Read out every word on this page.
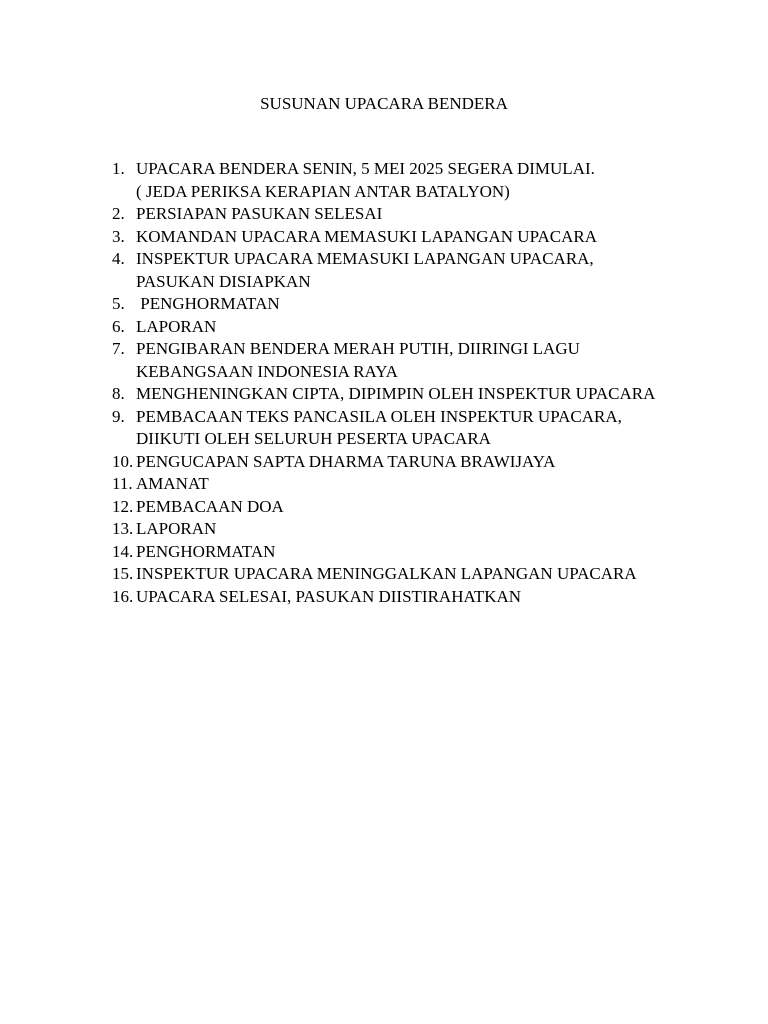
SUSUNAN UPACARA BENDERA
1. UPACARA BENDERA SENIN, 5 MEI 2025 SEGERA DIMULAI.
( JEDA PERIKSA KERAPIAN ANTAR BATALYON)
2. PERSIAPAN PASUKAN SELESAI
3. KOMANDAN UPACARA MEMASUKI LAPANGAN UPACARA
4. INSPEKTUR UPACARA MEMASUKI LAPANGAN UPACARA,
PASUKAN DISIAPKAN
5. PENGHORMATAN
6. LAPORAN
7. PENGIBARAN BENDERA MERAH PUTIH, DIIRINGI LAGU
KEBANGSAAN INDONESIA RAYA
8. MENGHENINGKAN CIPTA, DIPIMPIN OLEH INSPEKTUR UPACARA
9. PEMBACAAN TEKS PANCASILA OLEH INSPEKTUR UPACARA,
DIIKUTI OLEH SELURUH PESERTA UPACARA
10. PENGUCAPAN SAPTA DHARMA TARUNA BRAWIJAYA
11. AMANAT
12. PEMBACAAN DOA
13. LAPORAN
14. PENGHORMATAN
15. INSPEKTUR UPACARA MENINGGALKAN LAPANGAN UPACARA
16. UPACARA SELESAI, PASUKAN DIISTIRAHATKAN
